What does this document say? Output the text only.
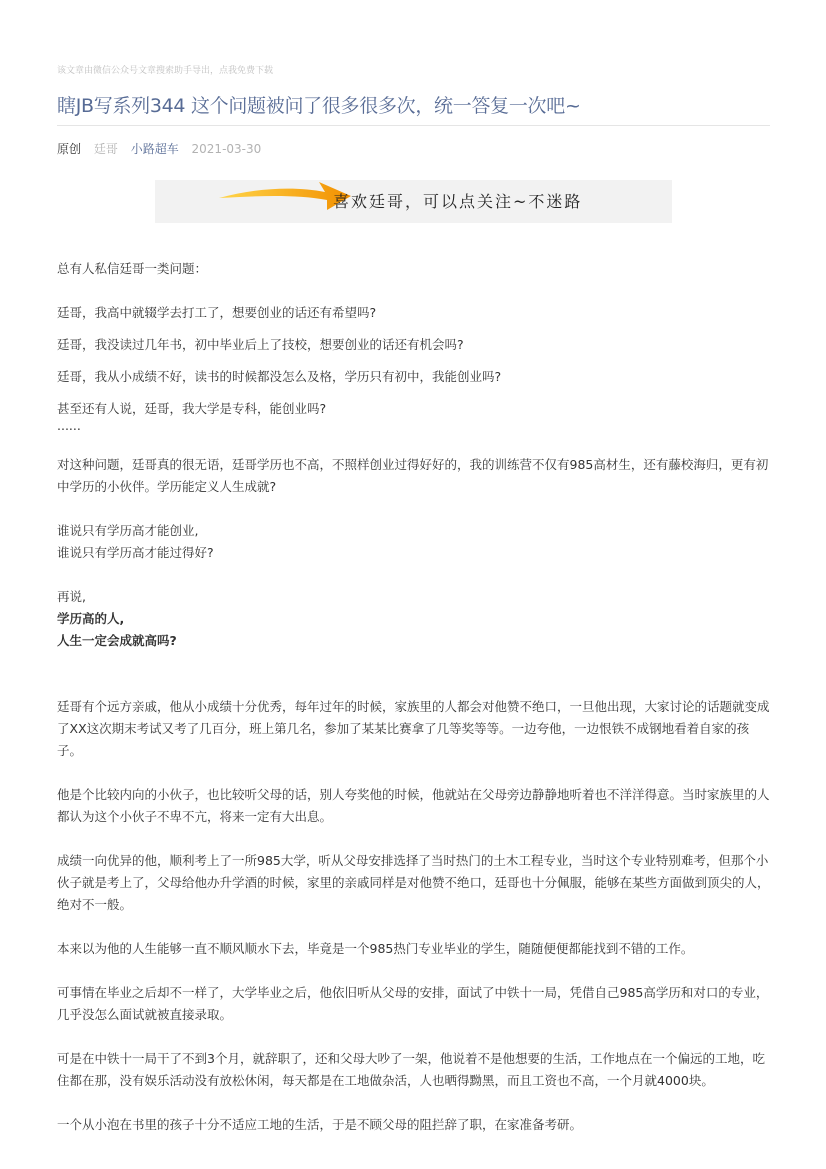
该文章由微信公众号文章搜索助手导出，点我免费下载
瞎JB写系列344 这个问题被问了很多很多次，统一答复一次吧~
原创 廷哥 小路超车 2021-03-30
喜欢廷哥，可以点关注~不迷路

总有人私信廷哥一类问题：

廷哥，我高中就辍学去打工了，想要创业的话还有希望吗?

廷哥，我没读过几年书，初中毕业后上了技校，想要创业的话还有机会吗?

廷哥，我从小成绩不好，读书的时候都没怎么及格，学历只有初中，我能创业吗?

甚至还有人说，廷哥，我大学是专科，能创业吗?

......

对这种问题，廷哥真的很无语，廷哥学历也不高，不照样创业过得好好的，我的训练营不仅有985高材生，还有藤校海归，更有初中学历的小伙伴。学历能定义人生成就?

谁说只有学历高才能创业,

谁说只有学历高才能过得好?

再说,

学历高的人,

人生一定会成就高吗?

廷哥有个远方亲戚，他从小成绩十分优秀，每年过年的时候，家族里的人都会对他赞不绝口，一旦他出现，大家讨论的话题就变成了XX这次期末考试又考了几百分，班上第几名，参加了某某比赛拿了几等奖等等。一边夸他，一边恨铁不成钢地看着自家的孩子。

他是个比较内向的小伙子，也比较听父母的话，别人夸奖他的时候，他就站在父母旁边静静地听着也不洋洋得意。当时家族里的人都认为这个小伙子不卑不亢，将来一定有大出息。

成绩一向优异的他，顺利考上了一所985大学，听从父母安排选择了当时热门的土木工程专业，当时这个专业特别难考，但那个小伙子就是考上了，父母给他办升学酒的时候，家里的亲戚同样是对他赞不绝口，廷哥也十分佩服，能够在某些方面做到顶尖的人，绝对不一般。

本来以为他的人生能够一直不顺风顺水下去，毕竟是一个985热门专业毕业的学生，随随便便都能找到不错的工作。

可事情在毕业之后却不一样了，大学毕业之后，他依旧听从父母的安排，面试了中铁十一局，凭借自己985高学历和对口的专业，几乎没怎么面试就被直接录取。

可是在中铁十一局干了不到3个月，就辞职了，还和父母大吵了一架，他说着不是他想要的生活，工作地点在一个偏远的工地，吃住都在那，没有娱乐活动没有放松休闲，每天都是在工地做杂活，人也晒得黝黑，而且工资也不高，一个月就4000块。

一个从小泡在书里的孩子十分不适应工地的生活，于是不顾父母的阻拦辞了职，在家准备考研。
